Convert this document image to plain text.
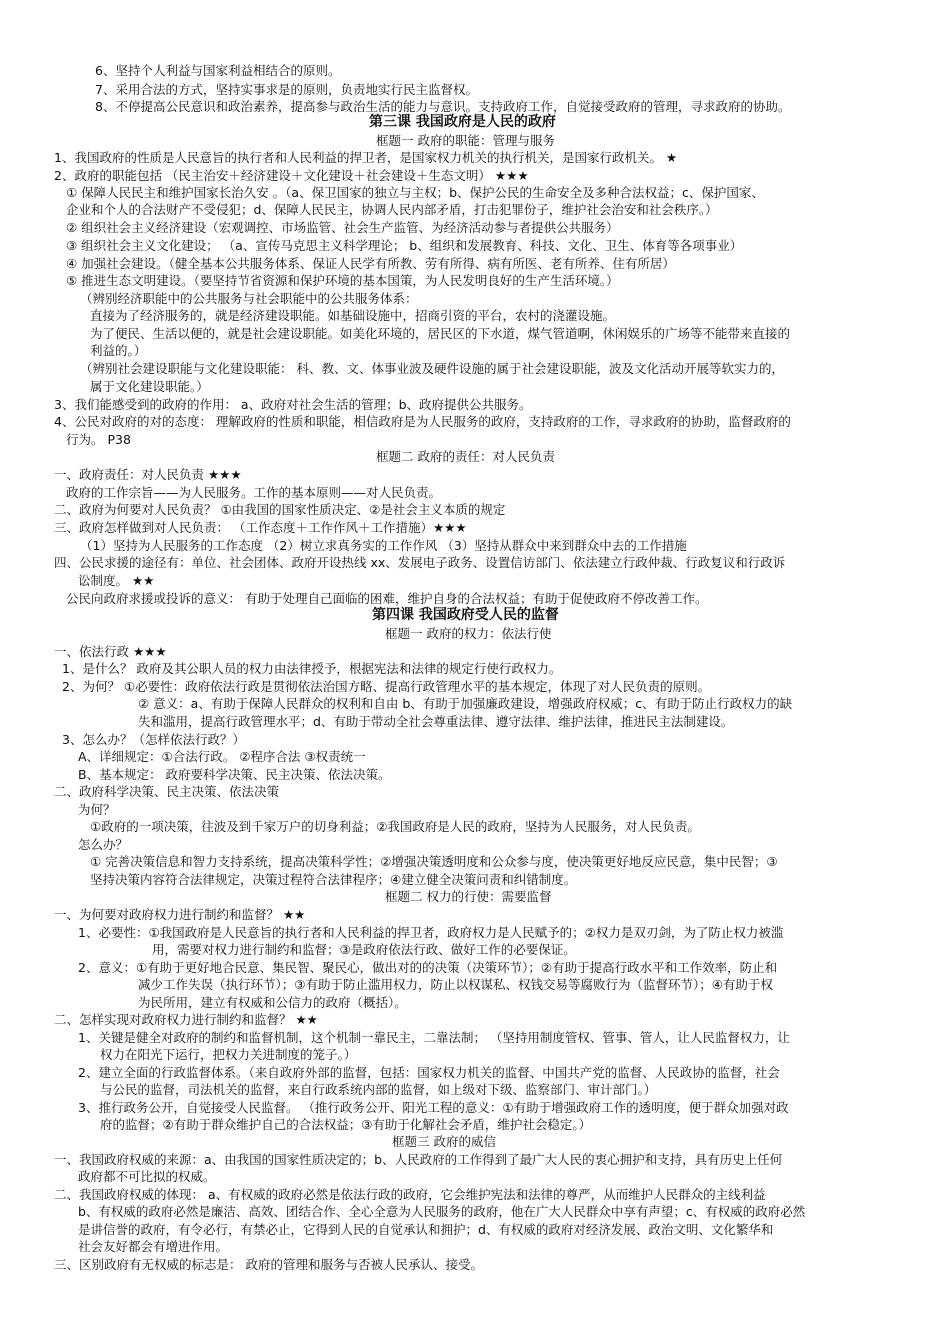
6、坚持个人利益与国家利益相结合的原则。
7、采用合法的方式，坚持实事求是的原则，负责地实行民主监督权。
8、不停提高公民意识和政治素养，提高参与政治生活的能力与意识。支持政府工作，自觉接受政府的管理，寻求政府的协助。
第三课 我国政府是人民的政府
框题一 政府的职能：管理与服务
1、我国政府的性质是人民意旨的执行者和人民利益的捍卫者，是国家权力机关的执行机关，是国家行政机关。 ★
2、政府的职能包括 （民主治安＋经济建设＋文化建设＋社会建设＋生态文明） ★★★
① 保障人民民主和维护国家长治久安 。（a、保卫国家的独立与主权；b、保护公民的生命安全及多种合法权益；c、保护国家、
企业和个人的合法财产不受侵犯；d、保障人民民主，协调人民内部矛盾，打击犯罪份子，维护社会治安和社会秩序。）
② 组织社会主义经济建设（宏观调控、市场监管、社会生产监管、为经济活动参与者提供公共服务）
③ 组织社会主义文化建设； （a、宣传马克思主义科学理论； b、组织和发展教育、科技、文化、卫生、体育等各项事业）
④ 加强社会建设。（健全基本公共服务体系、保证人民学有所教、劳有所得、病有所医、老有所养、住有所居）
⑤ 推进生态文明建设。（要坚持节省资源和保护环境的基本国策，为人民发明良好的生产生活环境。）
（辨别经济职能中的公共服务与社会职能中的公共服务体系：
直接为了经济服务的，就是经济建设职能。如基础设施中，招商引资的平台，农村的浇灌设施。
为了便民、生活以便的，就是社会建设职能。如美化环境的，居民区的下水道，煤气管道啊，休闲娱乐的广场等不能带来直接的
利益的。）
（辨别社会建设职能与文化建设职能： 科、教、文、体事业波及硬件设施的属于社会建设职能，波及文化活动开展等软实力的，
属于文化建设职能。）
3、我们能感受到的政府的作用： a、政府对社会生活的管理；b、政府提供公共服务。
4、公民对政府的对的态度： 理解政府的性质和职能，相信政府是为人民服务的政府，支持政府的工作，寻求政府的协助，监督政府的
行为。 P38
框题二 政府的责任：对人民负责
一、政府责任：对人民负责 ★★★
政府的工作宗旨——为人民服务。工作的基本原则——对人民负责。
二、政府为何要对人民负责？ ①由我国的国家性质决定、②是社会主义本质的规定
三、政府怎样做到对人民负责： （工作态度＋工作作风＋工作措施）★★★
（1）坚持为人民服务的工作态度 （2）树立求真务实的工作作风 （3）坚持从群众中来到群众中去的工作措施
四、公民求援的途径有：单位、社会团体、政府开设热线 xx、发展电子政务、设置信访部门、依法建立行政仲裁、行政复议和行政诉
讼制度。 ★★
公民向政府求援或投诉的意义： 有助于处理自己面临的困难，维护自身的合法权益；有助于促使政府不停改善工作。
第四课 我国政府受人民的监督
框题一 政府的权力：依法行使
一、依法行政 ★★★
1、是什么？ 政府及其公职人员的权力由法律授予，根据宪法和法律的规定行使行政权力。
2、为何？ ①必要性：政府依法行政是贯彻依法治国方略、提高行政管理水平的基本规定，体现了对人民负责的原则。
② 意义：a、有助于保障人民群众的权利和自由 b、有助于加强廉政建设，增强政府权威；c、有助于防止行政权力的缺
失和滥用，提高行政管理水平；d、有助于带动全社会尊重法律、遵守法律、维护法律，推进民主法制建设。
3、怎么办？（怎样依法行政？）
A、详细规定：①合法行政。 ②程序合法 ③权责统一
B、基本规定： 政府要科学决策、民主决策、依法决策。
二、政府科学决策、民主决策、依法决策
为何？
①政府的一项决策，往波及到千家万户的切身利益；②我国政府是人民的政府，坚持为人民服务，对人民负责。
怎么办？
① 完善决策信息和智力支持系统，提高决策科学性；②增强决策透明度和公众参与度，使决策更好地反应民意，集中民智；③
坚持决策内容符合法律规定，决策过程符合法律程序；④建立健全决策问责和纠错制度。
框题二 权力的行使：需要监督
一、为何要对政府权力进行制约和监督？ ★★
1、必要性：①我国政府是人民意旨的执行者和人民利益的捍卫者，政府权力是人民赋予的；②权力是双刃剑，为了防止权力被滥
用，需要对权力进行制约和监督；③是政府依法行政、做好工作的必要保证。
2、意义：①有助于更好地合民意、集民智、聚民心，做出对的的决策（决策环节）；②有助于提高行政水平和工作效率，防止和
减少工作失误（执行环节）；③有助于防止滥用权力，防止以权谋私、权钱交易等腐败行为（监督环节）；④有助于权
为民所用，建立有权威和公信力的政府（概括）。
二、怎样实现对政府权力进行制约和监督？ ★★
1、关键是健全对政府的制约和监督机制，这个机制一靠民主，二靠法制； （坚持用制度管权、管事、管人，让人民监督权力，让
权力在阳光下运行，把权力关进制度的笼子。）
2、建立全面的行政监督体系。（来自政府外部的监督，包括：国家权力机关的监督、中国共产党的监督、人民政协的监督，社会
与公民的监督，司法机关的监督，来自行政系统内部的监督，如上级对下级、监察部门、审计部门。）
3、推行政务公开，自觉接受人民监督。 （推行政务公开、阳光工程的意义：①有助于增强政府工作的透明度，便于群众加强对政
府的监督；②有助于群众维护自己的合法权益；③有助于化解社会矛盾，维护社会稳定。）
框题三 政府的威信
一、我国政府权威的来源：a、由我国的国家性质决定的；b、人民政府的工作得到了最广大人民的衷心拥护和支持，具有历史上任何
政府都不可比拟的权威。
二、我国政府权威的体现： a、有权威的政府必然是依法行政的政府，它会维护宪法和法律的尊严，从而维护人民群众的主线利益
b、有权威的政府必然是廉洁、高效、团结合作、全心全意为人民服务的政府，他在广大人民群众中享有声望；c、有权威的政府必然
是讲信誉的政府，有令必行，有禁必止，它得到人民的自觉承认和拥护；d、有权威的政府对经济发展、政治文明、文化繁华和
社会友好都会有增进作用。
三、区别政府有无权威的标志是： 政府的管理和服务与否被人民承认、接受。
